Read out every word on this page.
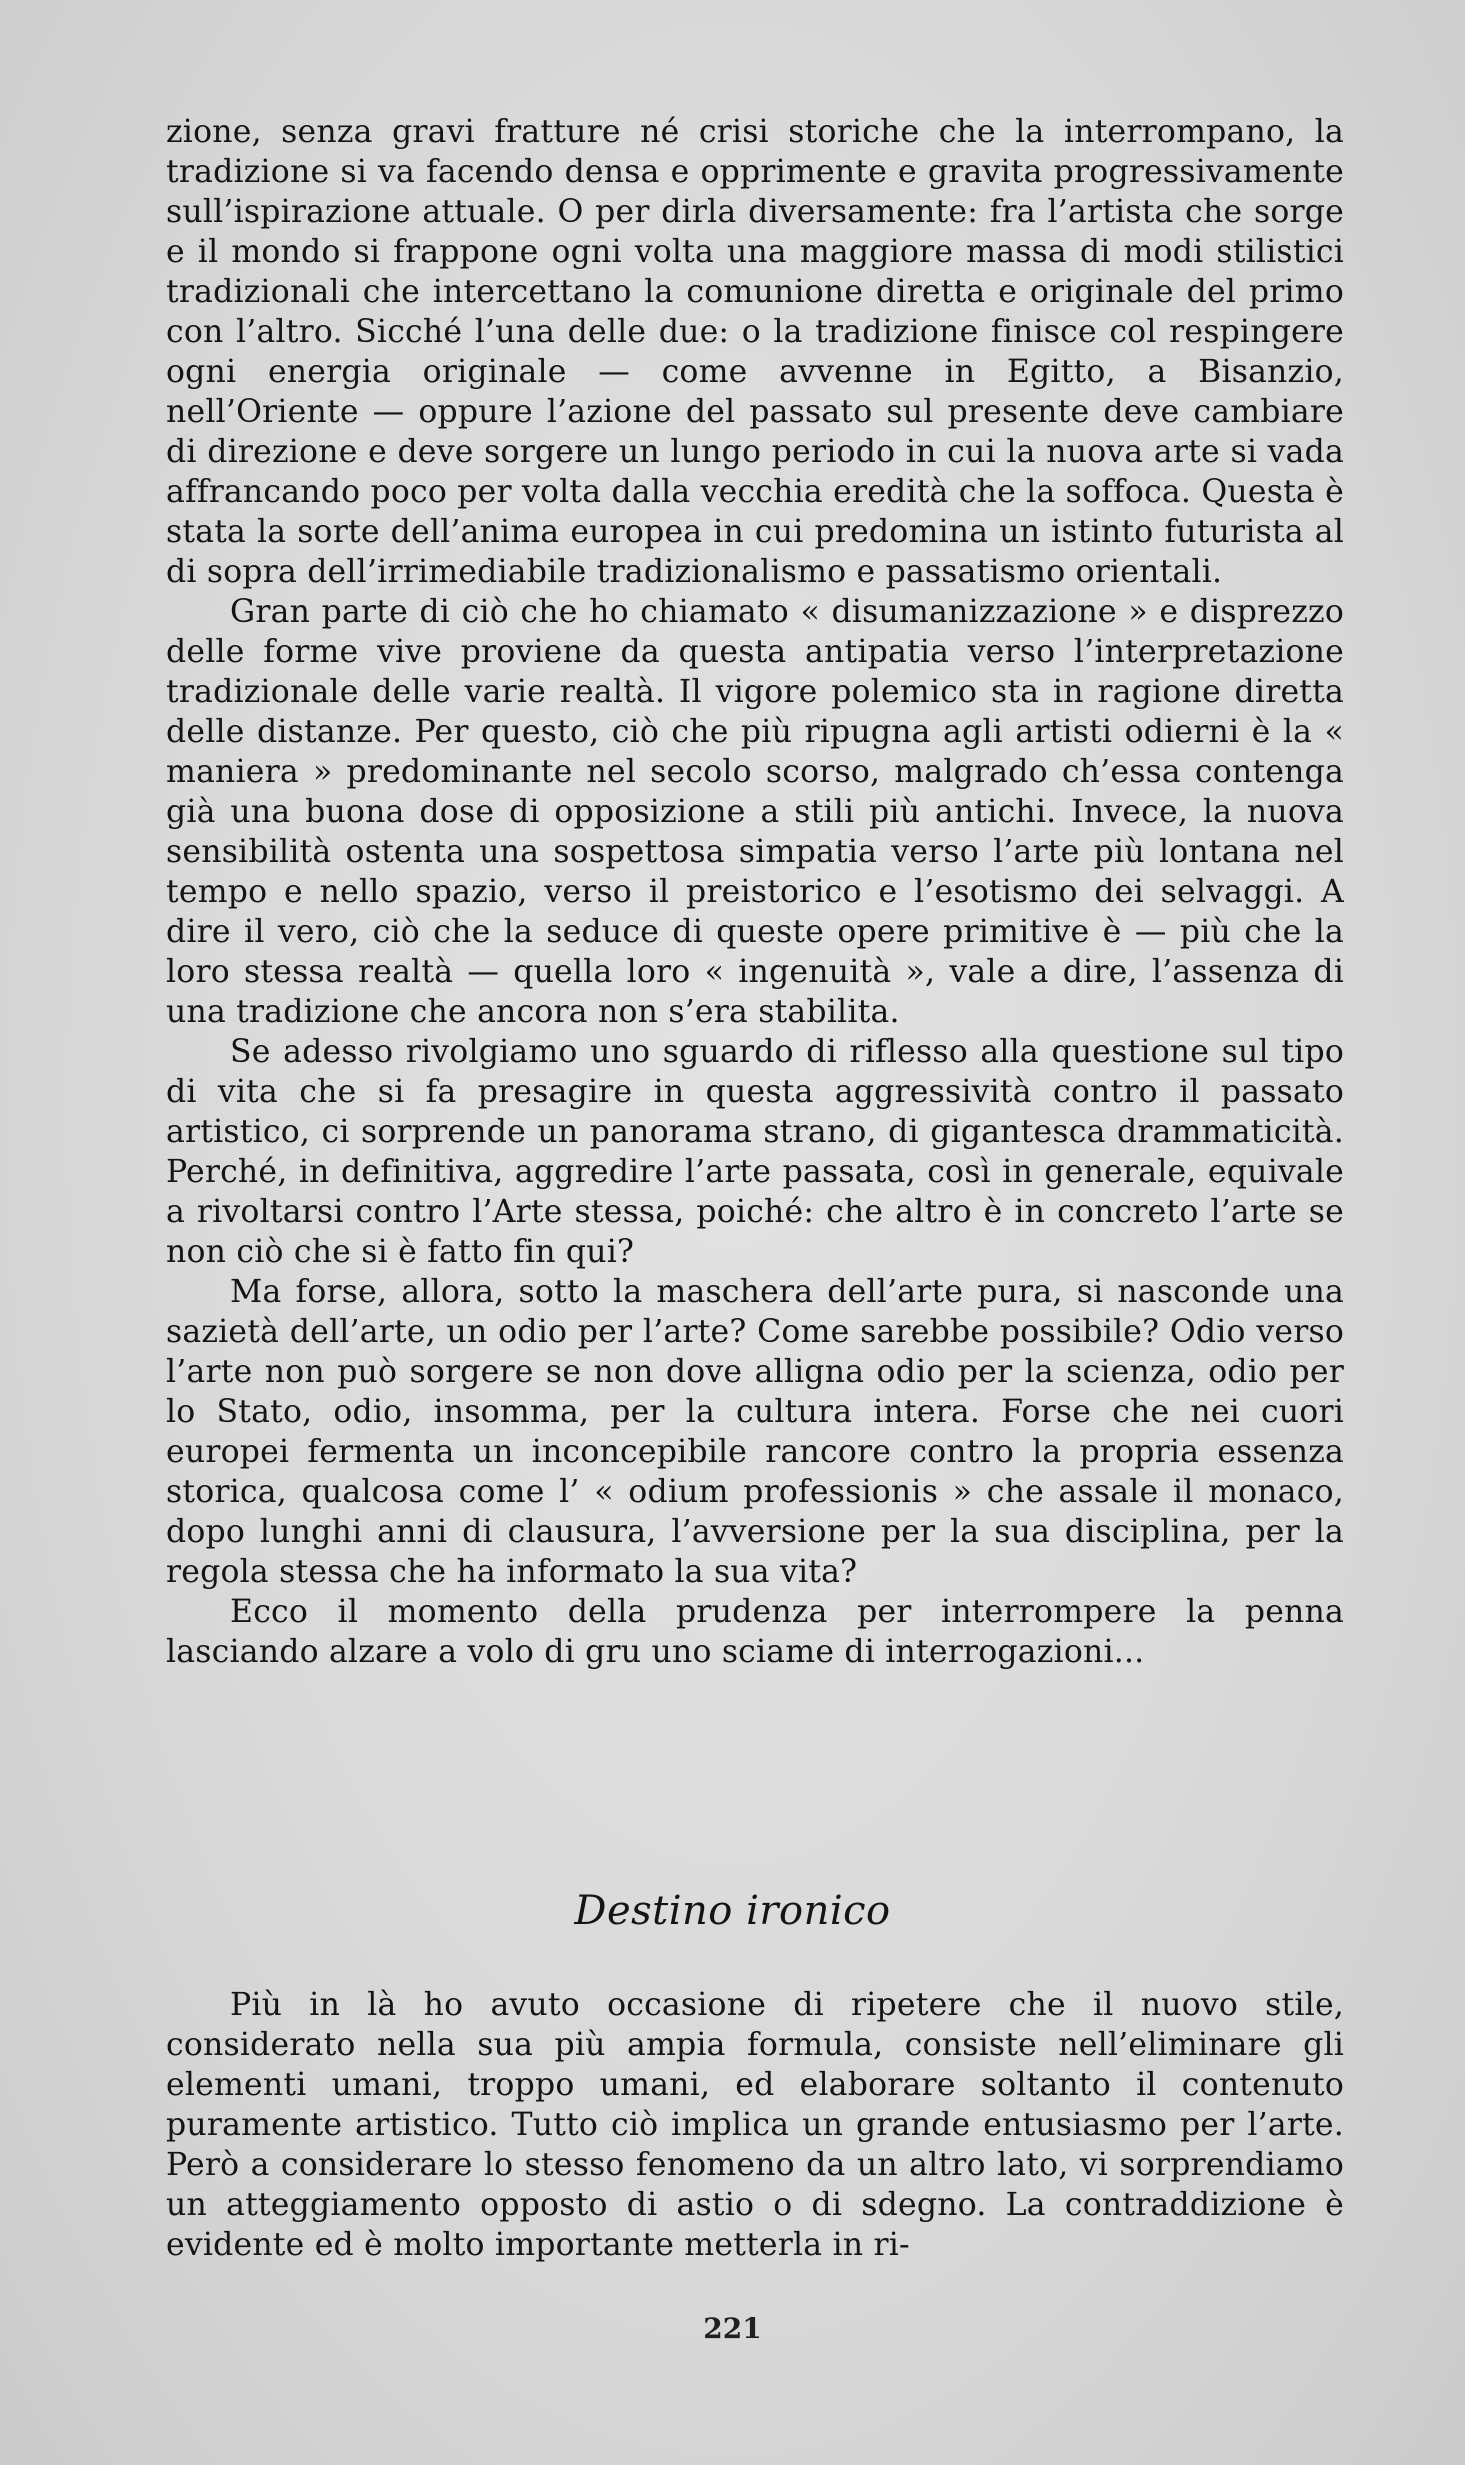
zione, senza gravi fratture né crisi storiche che la interrompano, la tradizione si va facendo densa e opprimente e gravita progressivamente sull’ispirazione attuale. O per dirla diversamente: fra l’artista che sorge e il mondo si frappone ogni volta una maggiore massa di modi stilistici tradizionali che intercettano la comunione diretta e originale del primo con l’altro. Sicché l’una delle due: o la tradizione finisce col respingere ogni energia originale — come avvenne in Egitto, a Bisanzio, nell’Oriente — oppure l’azione del passato sul presente deve cambiare di direzione e deve sorgere un lungo periodo in cui la nuova arte si vada affrancando poco per volta dalla vecchia eredità che la soffoca. Questa è stata la sorte dell’anima europea in cui predomina un istinto futurista al di sopra dell’irrimediabile tradizionalismo e passatismo orientali.

Gran parte di ciò che ho chiamato « disumanizzazione » e disprezzo delle forme vive proviene da questa antipatia verso l’interpretazione tradizionale delle varie realtà. Il vigore polemico sta in ragione diretta delle distanze. Per questo, ciò che più ripugna agli artisti odierni è la « maniera » predominante nel secolo scorso, malgrado ch’essa contenga già una buona dose di opposizione a stili più antichi. Invece, la nuova sensibilità ostenta una sospettosa simpatia verso l’arte più lontana nel tempo e nello spazio, verso il preistorico e l’esotismo dei selvaggi. A dire il vero, ciò che la seduce di queste opere primitive è — più che la loro stessa realtà — quella loro « ingenuità », vale a dire, l’assenza di una tradizione che ancora non s’era stabilita.

Se adesso rivolgiamo uno sguardo di riflesso alla questione sul tipo di vita che si fa presagire in questa aggressività contro il passato artistico, ci sorprende un panorama strano, di gigantesca drammaticità. Perché, in definitiva, aggredire l’arte passata, così in generale, equivale a rivoltarsi contro l’Arte stessa, poiché: che altro è in concreto l’arte se non ciò che si è fatto fin qui?

Ma forse, allora, sotto la maschera dell’arte pura, si nasconde una sazietà dell’arte, un odio per l’arte? Come sarebbe possibile? Odio verso l’arte non può sorgere se non dove alligna odio per la scienza, odio per lo Stato, odio, insomma, per la cultura intera. Forse che nei cuori europei fermenta un inconcepibile rancore contro la propria essenza storica, qualcosa come l’ « odium professionis » che assale il monaco, dopo lunghi anni di clausura, l’avversione per la sua disciplina, per la regola stessa che ha informato la sua vita?

Ecco il momento della prudenza per interrompere la penna lasciando alzare a volo di gru uno sciame di interrogazioni...

Destino ironico

Più in là ho avuto occasione di ripetere che il nuovo stile, considerato nella sua più ampia formula, consiste nell’eliminare gli elementi umani, troppo umani, ed elaborare soltanto il contenuto puramente artistico. Tutto ciò implica un grande entusiasmo per l’arte. Però a considerare lo stesso fenomeno da un altro lato, vi sorprendiamo un atteggiamento opposto di astio o di sdegno. La contraddizione è evidente ed è molto importante metterla in ri-

221
